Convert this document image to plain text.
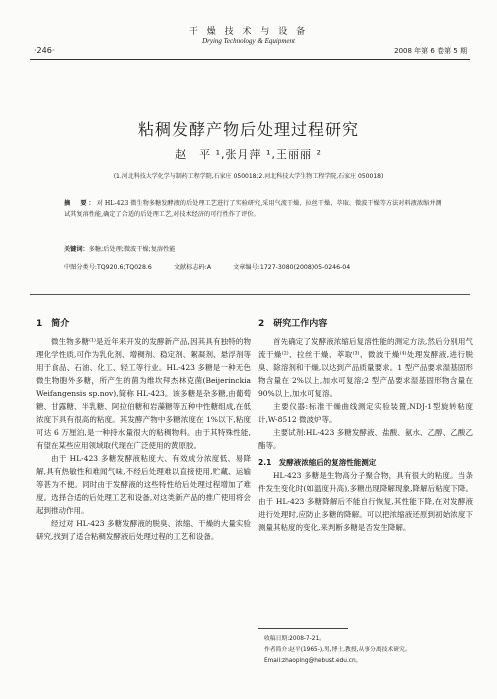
干 燥 技 术 与 设 备
Drying Technology & Equipment
·246·	2008 年第 6 卷第 5 期
粘稠发酵产物后处理过程研究
赵　平 ¹,张月萍 ¹,王丽丽 ²
(1.河北科技大学化学与制药工程学院,石家庄 050018;2.河北科技大学生物工程学院,石家庄 050018)
摘　要：对 HL-423 微生物多糖发酵液的后处理工艺进行了实验研究,采用气流干燥、拉丝干燥、萃取、微波干燥等方法对料液浓缩并测试其复溶性能,确定了合适的后处理工艺,对技术经济的可行性作了评价。
关键词：多糖;后处理;微波干燥;复溶性能
中图分类号:TQ920.6;TQ028.6	文献标志码:A	文章编号:1727-3080(2008)05-0246-04
1　简介

微生物多糖⁽¹⁾是近年来开发的发酵新产品,因其具有独特的物理化学性质,可作为乳化剂、增稠剂、稳定剂、絮凝剂、悬浮剂等用于食品、石油、化工、轻工等行业。HL-423 多糖是一种无色微生物胞外多糖，所产生的菌为维坎拜杰林克菌(Beijerinckia Weifangensis sp.nov),简称 HL-423。该多糖是杂多糖,由葡萄糖、甘露糖、半乳糖、阿拉伯糖和岩藻糖等五种中性糖组成,在低浓度下具有很高的粘度。其发酵产物中多糖浓度在 1%以下,粘度可达 6 万厘泊,是一种持水量很大的粘稠物料。由于其特殊性能,有望在某些应用领域取代现在广泛使用的黄原胶。

由于 HL-423 多糖发酵液粘度大、有效成分浓度低、易降解,具有热敏性和难闻气味,不经后处理难以直接使用,贮藏、运输等甚为不便。同时由于发酵液的这些特性给后处理过程增加了难度。选择合适的后处理工艺和设备,对这类新产品的推广使用将会起到推动作用。

经过对 HL-423 多糖发酵液的脱臭、浓缩、干燥的大量实验研究,找到了适合粘稠发酵液后处理过程的工艺和设备。

2　研究工作内容

首先确定了发酵液浓缩后复溶性能的测定方法,然后分别用气流干燥⁽²⁾、拉丝干燥、萃取⁽³⁾、微波干燥⁽⁴⁾处理发酵液,进行脱臭、除溶剂和干燥,以达到产品质量要求。1 型产品要求湿基固形物含量在 2%以上,加水可复溶;2 型产品要求湿基固形物含量在 90%以上,加水可复溶。

主要仪器:标准干燥曲线测定实验装置,NDJ-1型旋转粘度计,W-8512 微波炉等。

主要试剂:HL-423 多糖发酵液、盐酸、氨水、乙醇、乙酸乙酯等。

2.1　发酵液浓缩后的复溶性能测定

HL-423 多糖是生物高分子聚合物，具有很大的粘度。当条件发生变化时(如温度升高),多糖出现降解现象,降解后粘度下降。由于 HL-423 多糖降解后不能自行恢复,其性能下降,在对发酵液进行处理时,应防止多糖的降解。可以把浓缩液还原到初始浓度下测量其粘度的变化,来判断多糖是否发生降解。

收稿日期:2008-7-21。
作者简介:赵平(1965-),男,博士,教授,从事分离技术研究。
Email:zhaoping@hebust.edu.cn。
